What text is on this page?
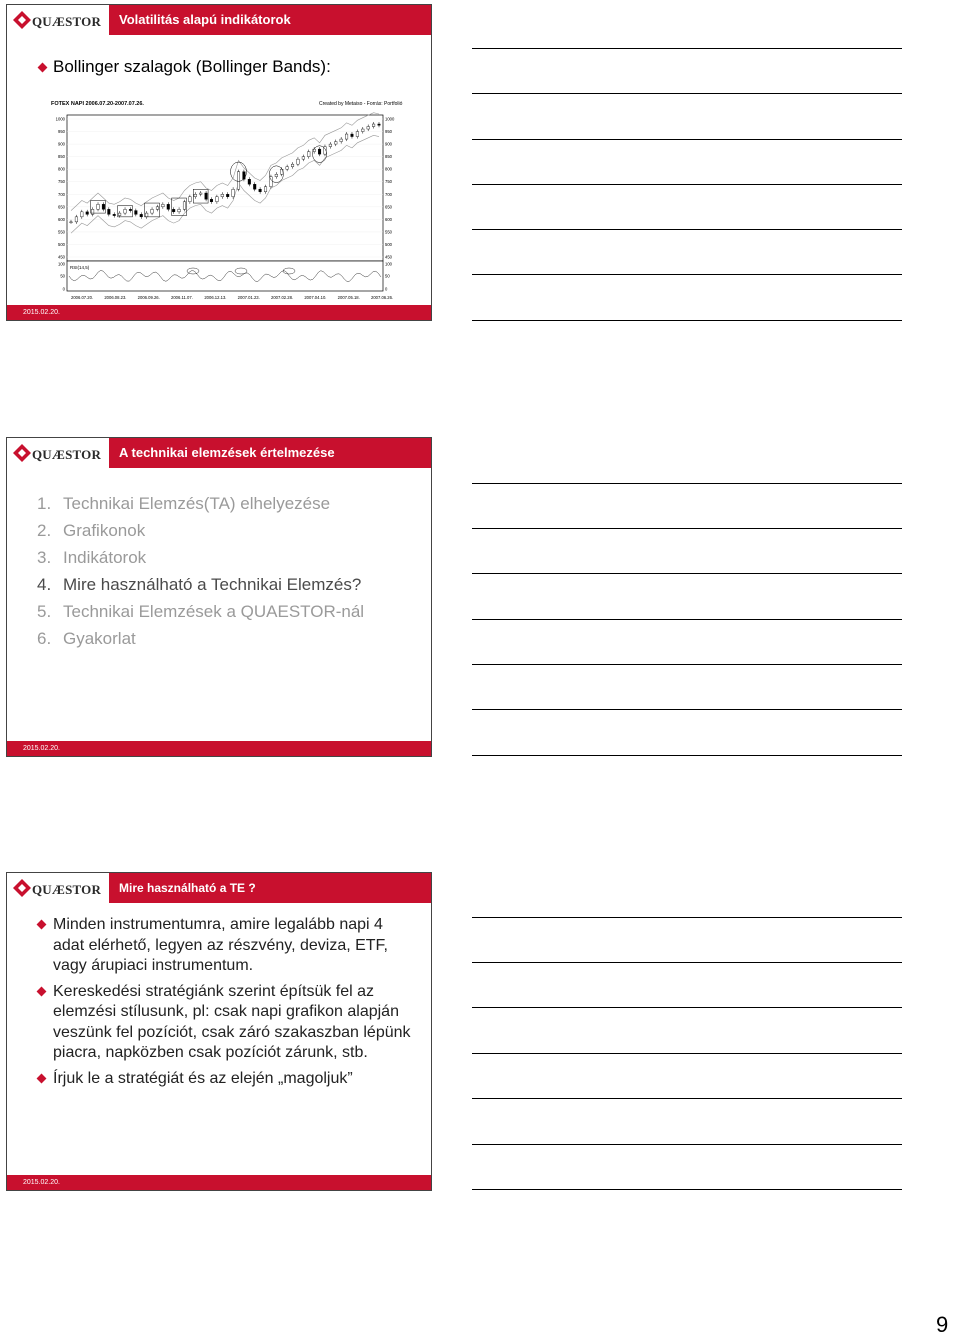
QUÆSTOR	Volatilitás alapú indikátorok
Bollinger szalagok (Bollinger Bands):
FOTEX NAPI 2006.07.20-2007.07.26.	Created by Metaiso - Forrás: Portfolió
RSI(14,5)
1000	1000
950	950
900	900
850	850
800	800
750	750
700	700
650	650
600	600
550	550
500	500
450	450
100	100
50	50
0	0
2006.07.20.	2006.08.23.	2006.09.26.	2006.11.07.	2006.12.13.	2007.01.23.	2007.02.28.	2007.04.10.	2007.05.18.	2007.06.26.
2015.02.20.
QUÆSTOR	A technikai elemzések értelmezése
1. Technikai Elemzés(TA) elhelyezése
2. Grafikonok
3. Indikátorok
4. Mire használható a Technikai Elemzés?
5. Technikai Elemzések a QUAESTOR-nál
6. Gyakorlat
2015.02.20.
QUÆSTOR	Mire használható a TE ?
Minden instrumentumra, amire legalább napi 4 adat elérhető, legyen az részvény, deviza, ETF, vagy árupiaci instrumentum.
Kereskedési stratégiánk szerint építsük fel az elemzési stílusunk, pl: csak napi grafikon alapján veszünk fel pozíciót, csak záró szakaszban lépünk piacra, napközben csak pozíciót zárunk, stb.
Írjuk le a stratégiát és az elején „magoljuk”
2015.02.20.
9
